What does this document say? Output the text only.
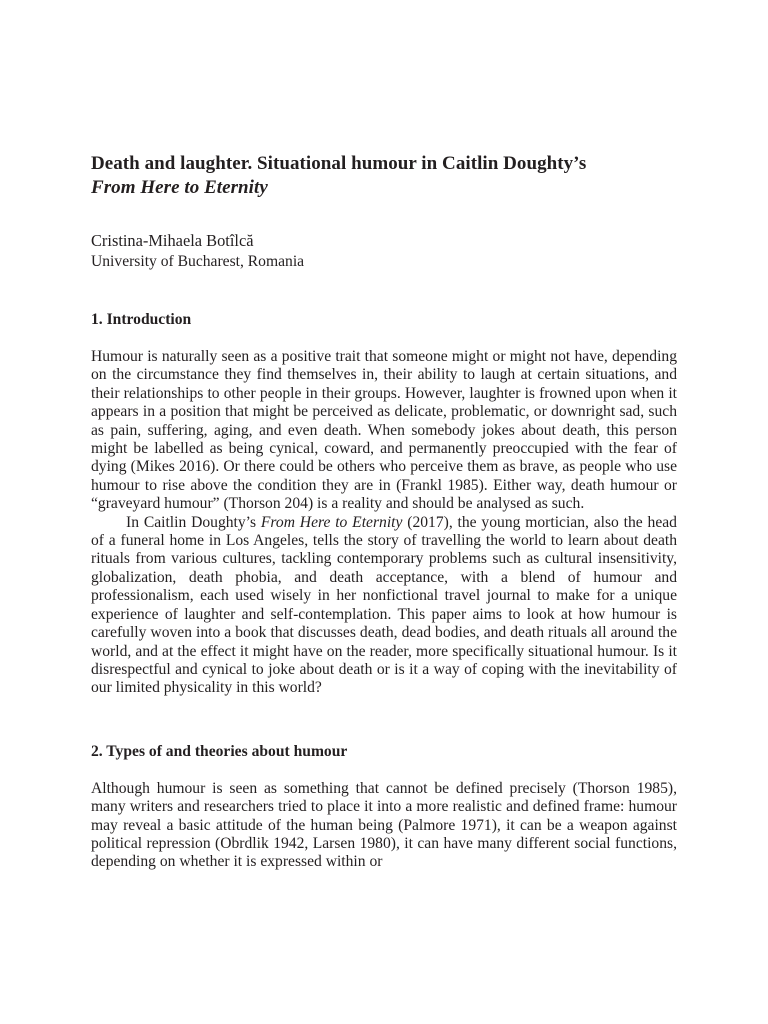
Death and laughter. Situational humour in Caitlin Doughty’s
From Here to Eternity
Cristina-Mihaela Botîlcă
University of Bucharest, Romania
1. Introduction

Humour is naturally seen as a positive trait that someone might or might not have, depending on the circumstance they find themselves in, their ability to laugh at certain situations, and their relationships to other people in their groups. However, laughter is frowned upon when it appears in a position that might be perceived as delicate, problematic, or downright sad, such as pain, suffering, aging, and even death. When somebody jokes about death, this person might be labelled as being cynical, coward, and permanently preoccupied with the fear of dying (Mikes 2016). Or there could be others who perceive them as brave, as people who use humour to rise above the condition they are in (Frankl 1985). Either way, death humour or “graveyard humour” (Thorson 204) is a reality and should be analysed as such.

In Caitlin Doughty’s From Here to Eternity (2017), the young mortician, also the head of a funeral home in Los Angeles, tells the story of travelling the world to learn about death rituals from various cultures, tackling contemporary problems such as cultural insensitivity, globalization, death phobia, and death acceptance, with a blend of humour and professionalism, each used wisely in her nonfictional travel journal to make for a unique experience of laughter and self-contemplation. This paper aims to look at how humour is carefully woven into a book that discusses death, dead bodies, and death rituals all around the world, and at the effect it might have on the reader, more specifically situational humour. Is it disrespectful and cynical to joke about death or is it a way of coping with the inevitability of our limited physicality in this world?

2. Types of and theories about humour

Although humour is seen as something that cannot be defined precisely (Thorson 1985), many writers and researchers tried to place it into a more realistic and defined frame: humour may reveal a basic attitude of the human being (Palmore 1971), it can be a weapon against political repression (Obrdlik 1942, Larsen 1980), it can have many different social functions, depending on whether it is expressed within or
